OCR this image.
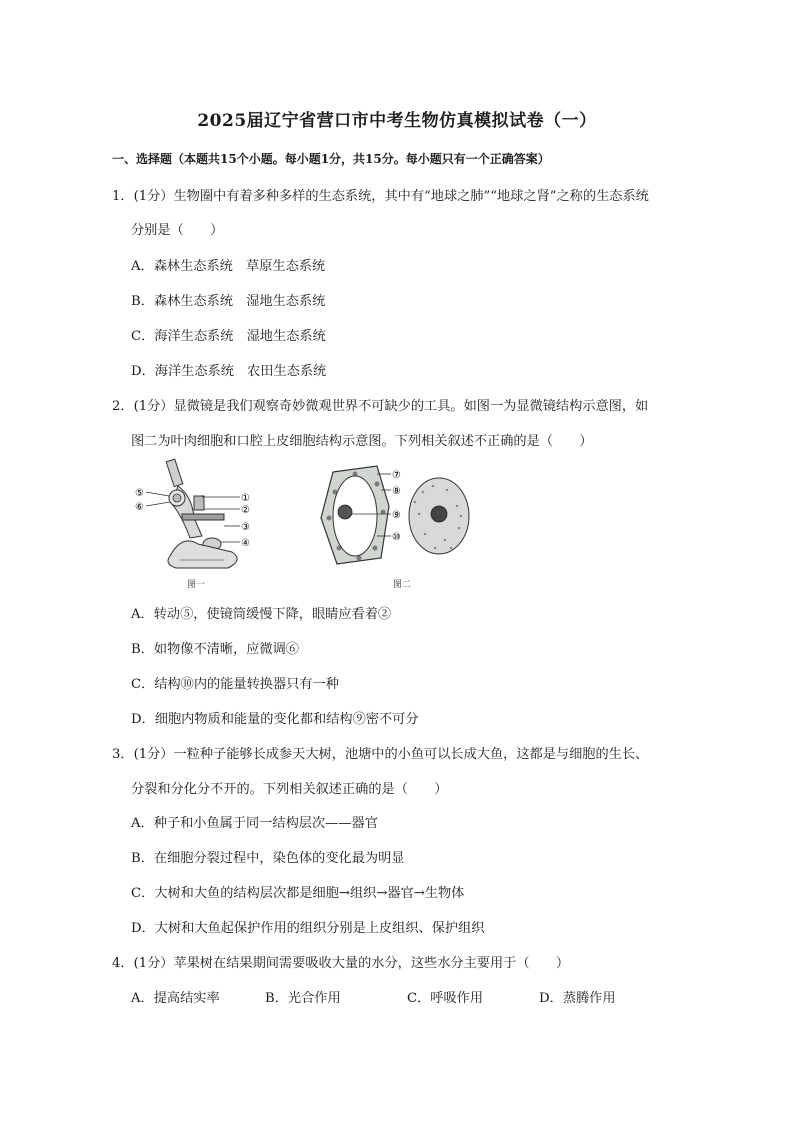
2025届辽宁省营口市中考生物仿真模拟试卷（一）
一、选择题（本题共15个小题。每小题1分，共15分。每小题只有一个正确答案）
1．(1分）生物圈中有着多种多样的生态系统，其中有“地球之肺”“地球之肾”之称的生态系统
分别是（　　）
A．森林生态系统　草原生态系统
B．森林生态系统　湿地生态系统
C．海洋生态系统　湿地生态系统
D．海洋生态系统　农田生态系统
2．(1分）显微镜是我们观察奇妙微观世界不可缺少的工具。如图一为显微镜结构示意图，如
图二为叶肉细胞和口腔上皮细胞结构示意图。下列相关叙述不正确的是（　　）
⑤
⑥
①
②
③
④
图一
⑦
⑧
⑨
⑩
图二
A．转动⑤，使镜筒缓慢下降，眼睛应看着②
B．如物像不清晰，应微调⑥
C．结构⑩内的能量转换器只有一种
D．细胞内物质和能量的变化都和结构⑨密不可分
3．(1分）一粒种子能够长成参天大树，池塘中的小鱼可以长成大鱼，这都是与细胞的生长、
分裂和分化分不开的。下列相关叙述正确的是（　　）
A．种子和小鱼属于同一结构层次——器官
B．在细胞分裂过程中，染色体的变化最为明显
C．大树和大鱼的结构层次都是细胞→组织→器官→生物体
D．大树和大鱼起保护作用的组织分别是上皮组织、保护组织
4．(1分）苹果树在结果期间需要吸收大量的水分，这些水分主要用于（　　）
A．提高结实率	B．光合作用	C．呼吸作用	D．蒸腾作用
